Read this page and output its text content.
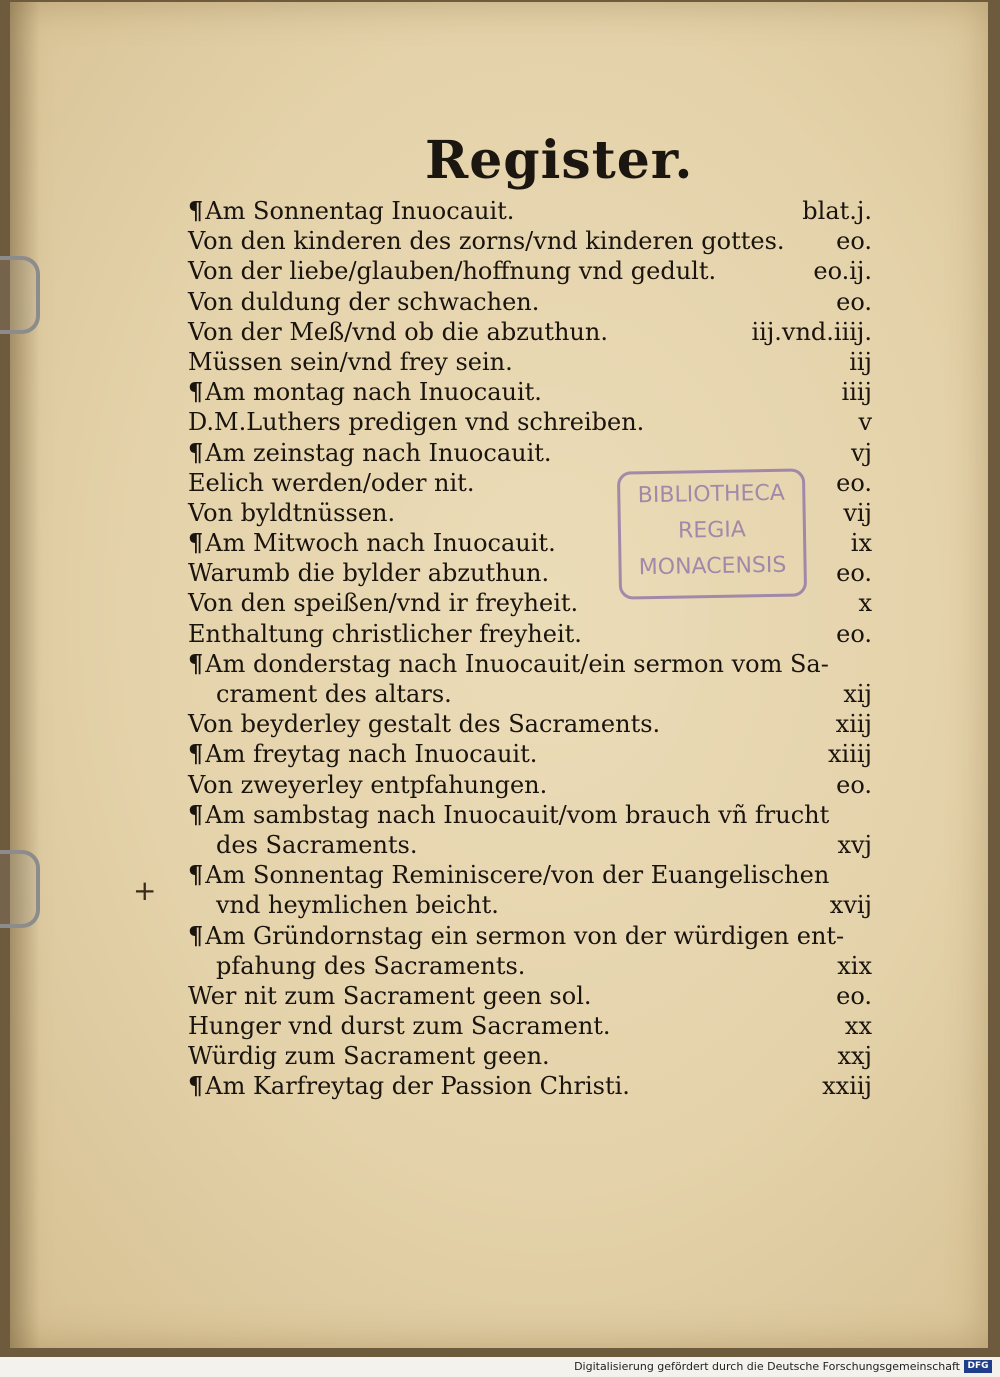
Register.
¶Am Sonnentag Inuocauit.	blat.j.
Von den kinderen des zorns/vnd kinderen gottes. eo.
Von der liebe/glauben/hoffnung vnd gedult.	eo.ij.
Von duldung der schwachen.	eo.
Von der Meß/vnd ob die abzuthun.	iij.vnd.iiij.
Müssen sein/vnd frey sein.	iij
¶Am montag nach Inuocauit.	iiij
D.M.Luthers predigen vnd schreiben.	v
¶Am zeinstag nach Inuocauit.	vj
Eelich werden/oder nit.	eo.
Von byldtnüssen.	vij
¶Am Mitwoch nach Inuocauit.	ix
Warumb die bylder abzuthun.	eo.
Von den speißen/vnd ir freyheit.	x
Enthaltung christlicher freyheit.	eo.
¶Am donderstag nach Inuocauit/ein sermon vom Sa-
crament des altars.	xij
Von beyderley gestalt des Sacraments.	xiij
¶Am freytag nach Inuocauit.	xiiij
Von zweyerley entpfahungen.	eo.
¶Am sambstag nach Inuocauit/vom brauch vñ frucht
des Sacraments.	xvj
¶Am Sonnentag Reminiscere/von der Euangelischen
vnd heymlichen beicht.	xvij
¶Am Gründornstag ein sermon von der würdigen ent-
pfahung des Sacraments.	xix
Wer nit zum Sacrament geen sol.	eo.
Hunger vnd durst zum Sacrament.	xx
Würdig zum Sacrament geen.	xxj
¶Am Karfreytag der Passion Christi.	xxiij
BIBLIOTHECA
REGIA
MONACENSIS
+
Digitalisierung gefördert durch die Deutsche Forschungsgemeinschaft DFG
